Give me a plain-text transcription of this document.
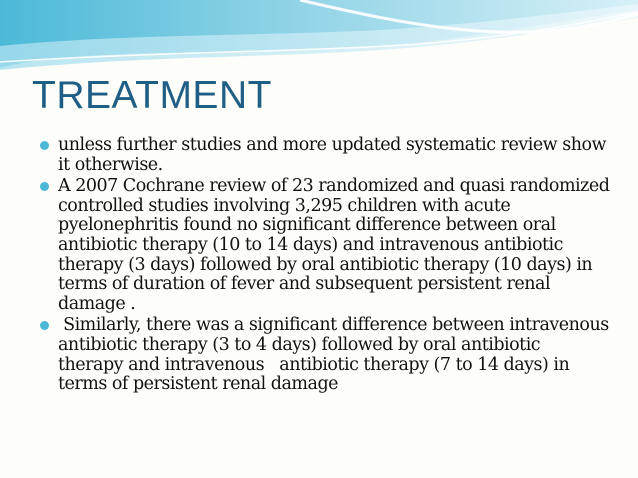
TREATMENT
unless further studies and more updated systematic review show it otherwise.
A 2007 Cochrane review of 23 randomized and quasi randomized controlled studies involving 3,295 children with acute pyelonephritis found no significant difference between oral antibiotic therapy (10 to 14 days) and intravenous antibiotic therapy (3 days) followed by oral antibiotic therapy (10 days) in terms of duration of fever and subsequent persistent renal damage .
Similarly, there was a significant difference between intravenous antibiotic therapy (3 to 4 days) followed by oral antibiotic therapy and intravenous   antibiotic therapy (7 to 14 days) in terms of persistent renal damage
